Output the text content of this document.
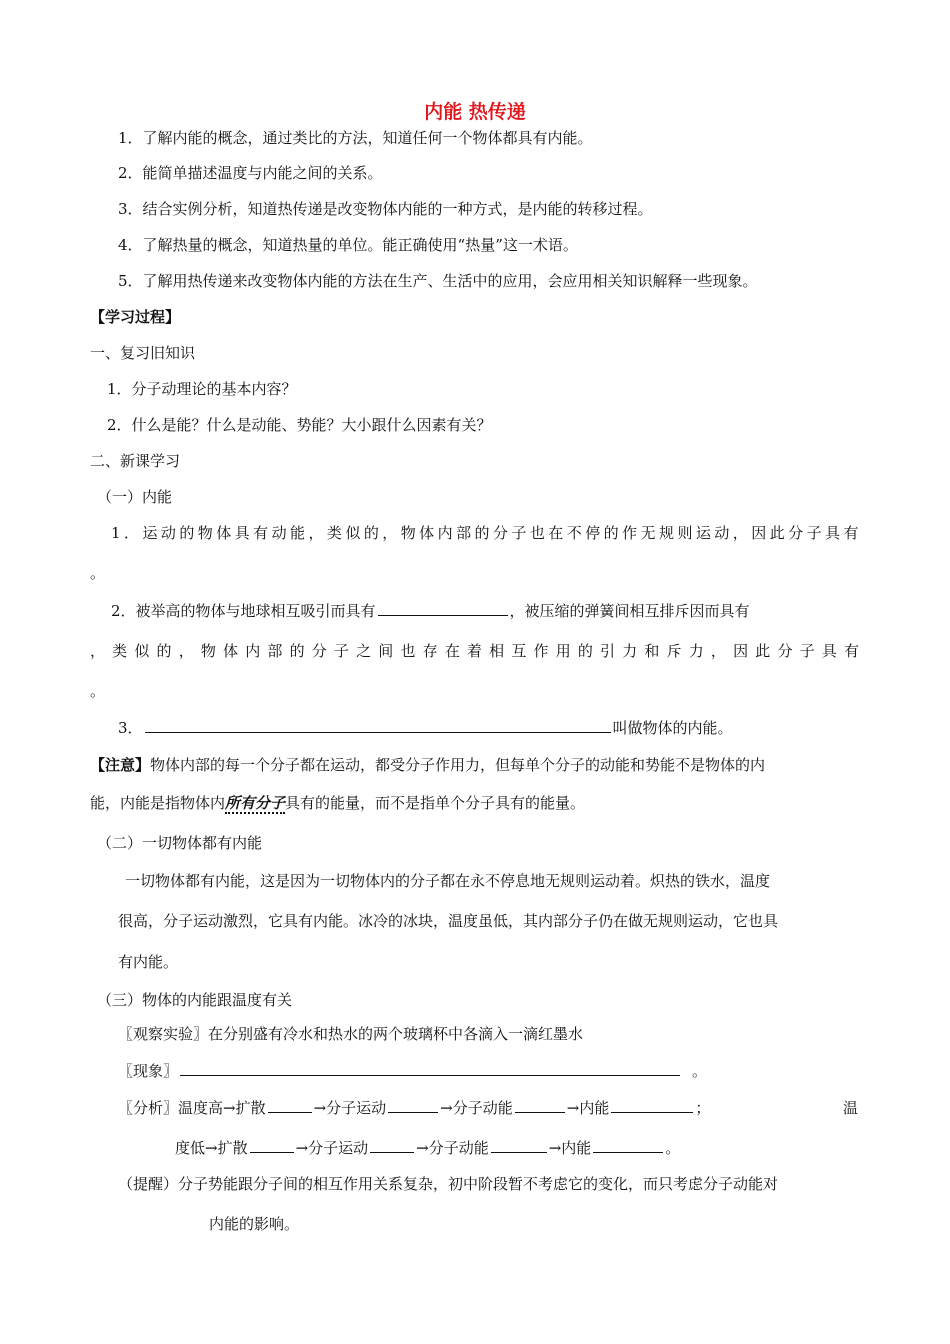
内能 热传递
1．了解内能的概念，通过类比的方法，知道任何一个物体都具有内能。
2．能简单描述温度与内能之间的关系。
3．结合实例分析，知道热传递是改变物体内能的一种方式，是内能的转移过程。
4．了解热量的概念，知道热量的单位。能正确使用“热量”这一术语。
5．了解用热传递来改变物体内能的方法在生产、生活中的应用，会应用相关知识解释一些现象。
【学习过程】
一、复习旧知识
1．分子动理论的基本内容？
2．什么是能？什么是动能、势能？大小跟什么因素有关？
二、新课学习
（一）内能
1．运动的物体具有动能，类似的，物体内部的分子也在不停的作无规则运动，因此分子具有
。
2．被举高的物体与地球相互吸引而具有	，被压缩的弹簧间相互排斥因而具有
，类似的，物体内部的分子之间也存在着相互作用的引力和斥力，因此分子具有
。
3．	叫做物体的内能。
【注意】物体内部的每一个分子都在运动，都受分子作用力，但每单个分子的动能和势能不是物体的内
能，内能是指物体内所有分子具有的能量，而不是指单个分子具有的能量。
（二）一切物体都有内能
一切物体都有内能，这是因为一切物体内的分子都在永不停息地无规则运动着。炽热的铁水，温度
很高，分子运动激烈，它具有内能。冰冷的冰块，温度虽低，其内部分子仍在做无规则运动，它也具
有内能。
（三）物体的内能跟温度有关
〖观察实验〗在分别盛有冷水和热水的两个玻璃杯中各滴入一滴红墨水
〖现象〗	。
〖分析〗温度高→扩散	→分子运动	→分子动能	→内能	；	温
度低→扩散	→分子运动	→分子动能	→内能	。
（提醒）分子势能跟分子间的相互作用关系复杂，初中阶段暂不考虑它的变化，而只考虑分子动能对
内能的影响。
